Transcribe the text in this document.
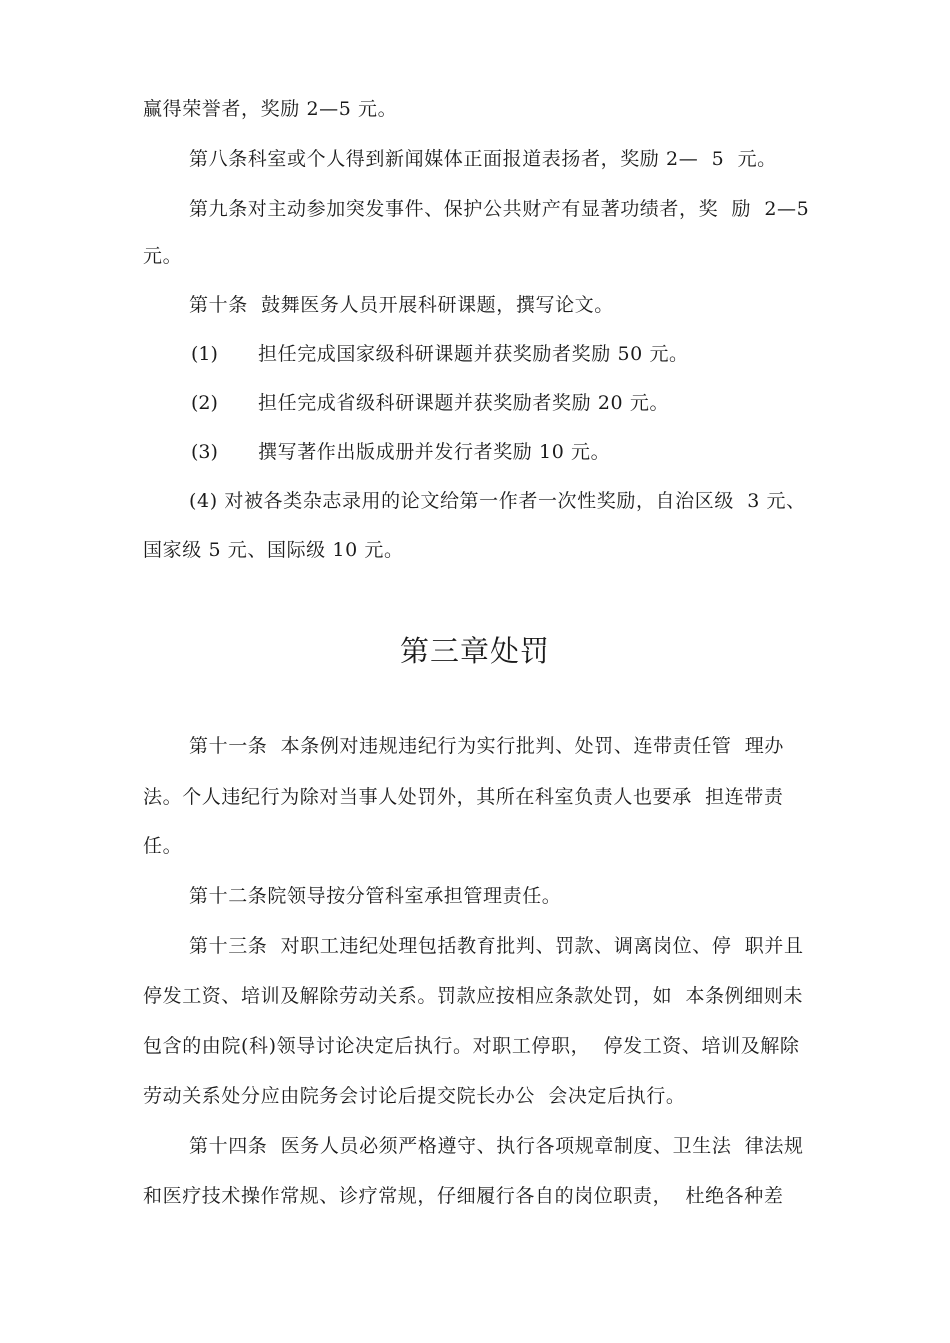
赢得荣誉者，奖励 2—5 元。
第八条科室或个人得到新闻媒体正面报道表扬者，奖励 2—  5  元。
第九条对主动参加突发事件、保护公共财产有显著功绩者，奖  励  2—5
元。
第十条  鼓舞医务人员开展科研课题，撰写论文。
(1) 担任完成国家级科研课题并获奖励者奖励 50 元。
(2) 担任完成省级科研课题并获奖励者奖励 20 元。
(3) 撰写著作出版成册并发行者奖励 10 元。
(4) 对被各类杂志录用的论文给第一作者一次性奖励，自治区级  3 元、
国家级 5 元、国际级 10 元。
第三章处罚
第十一条  本条例对违规违纪行为实行批判、处罚、连带责任管  理办
法。个人违纪行为除对当事人处罚外，其所在科室负责人也要承  担连带责
任。
第十二条院领导按分管科室承担管理责任。
第十三条  对职工违纪处理包括教育批判、罚款、调离岗位、停  职并且
停发工资、培训及解除劳动关系。罚款应按相应条款处罚，如  本条例细则未
包含的由院(科)领导讨论决定后执行。对职工停职，  停发工资、培训及解除
劳动关系处分应由院务会讨论后提交院长办公  会决定后执行。
第十四条  医务人员必须严格遵守、执行各项规章制度、卫生法  律法规
和医疗技术操作常规、诊疗常规，仔细履行各自的岗位职责，  杜绝各种差
